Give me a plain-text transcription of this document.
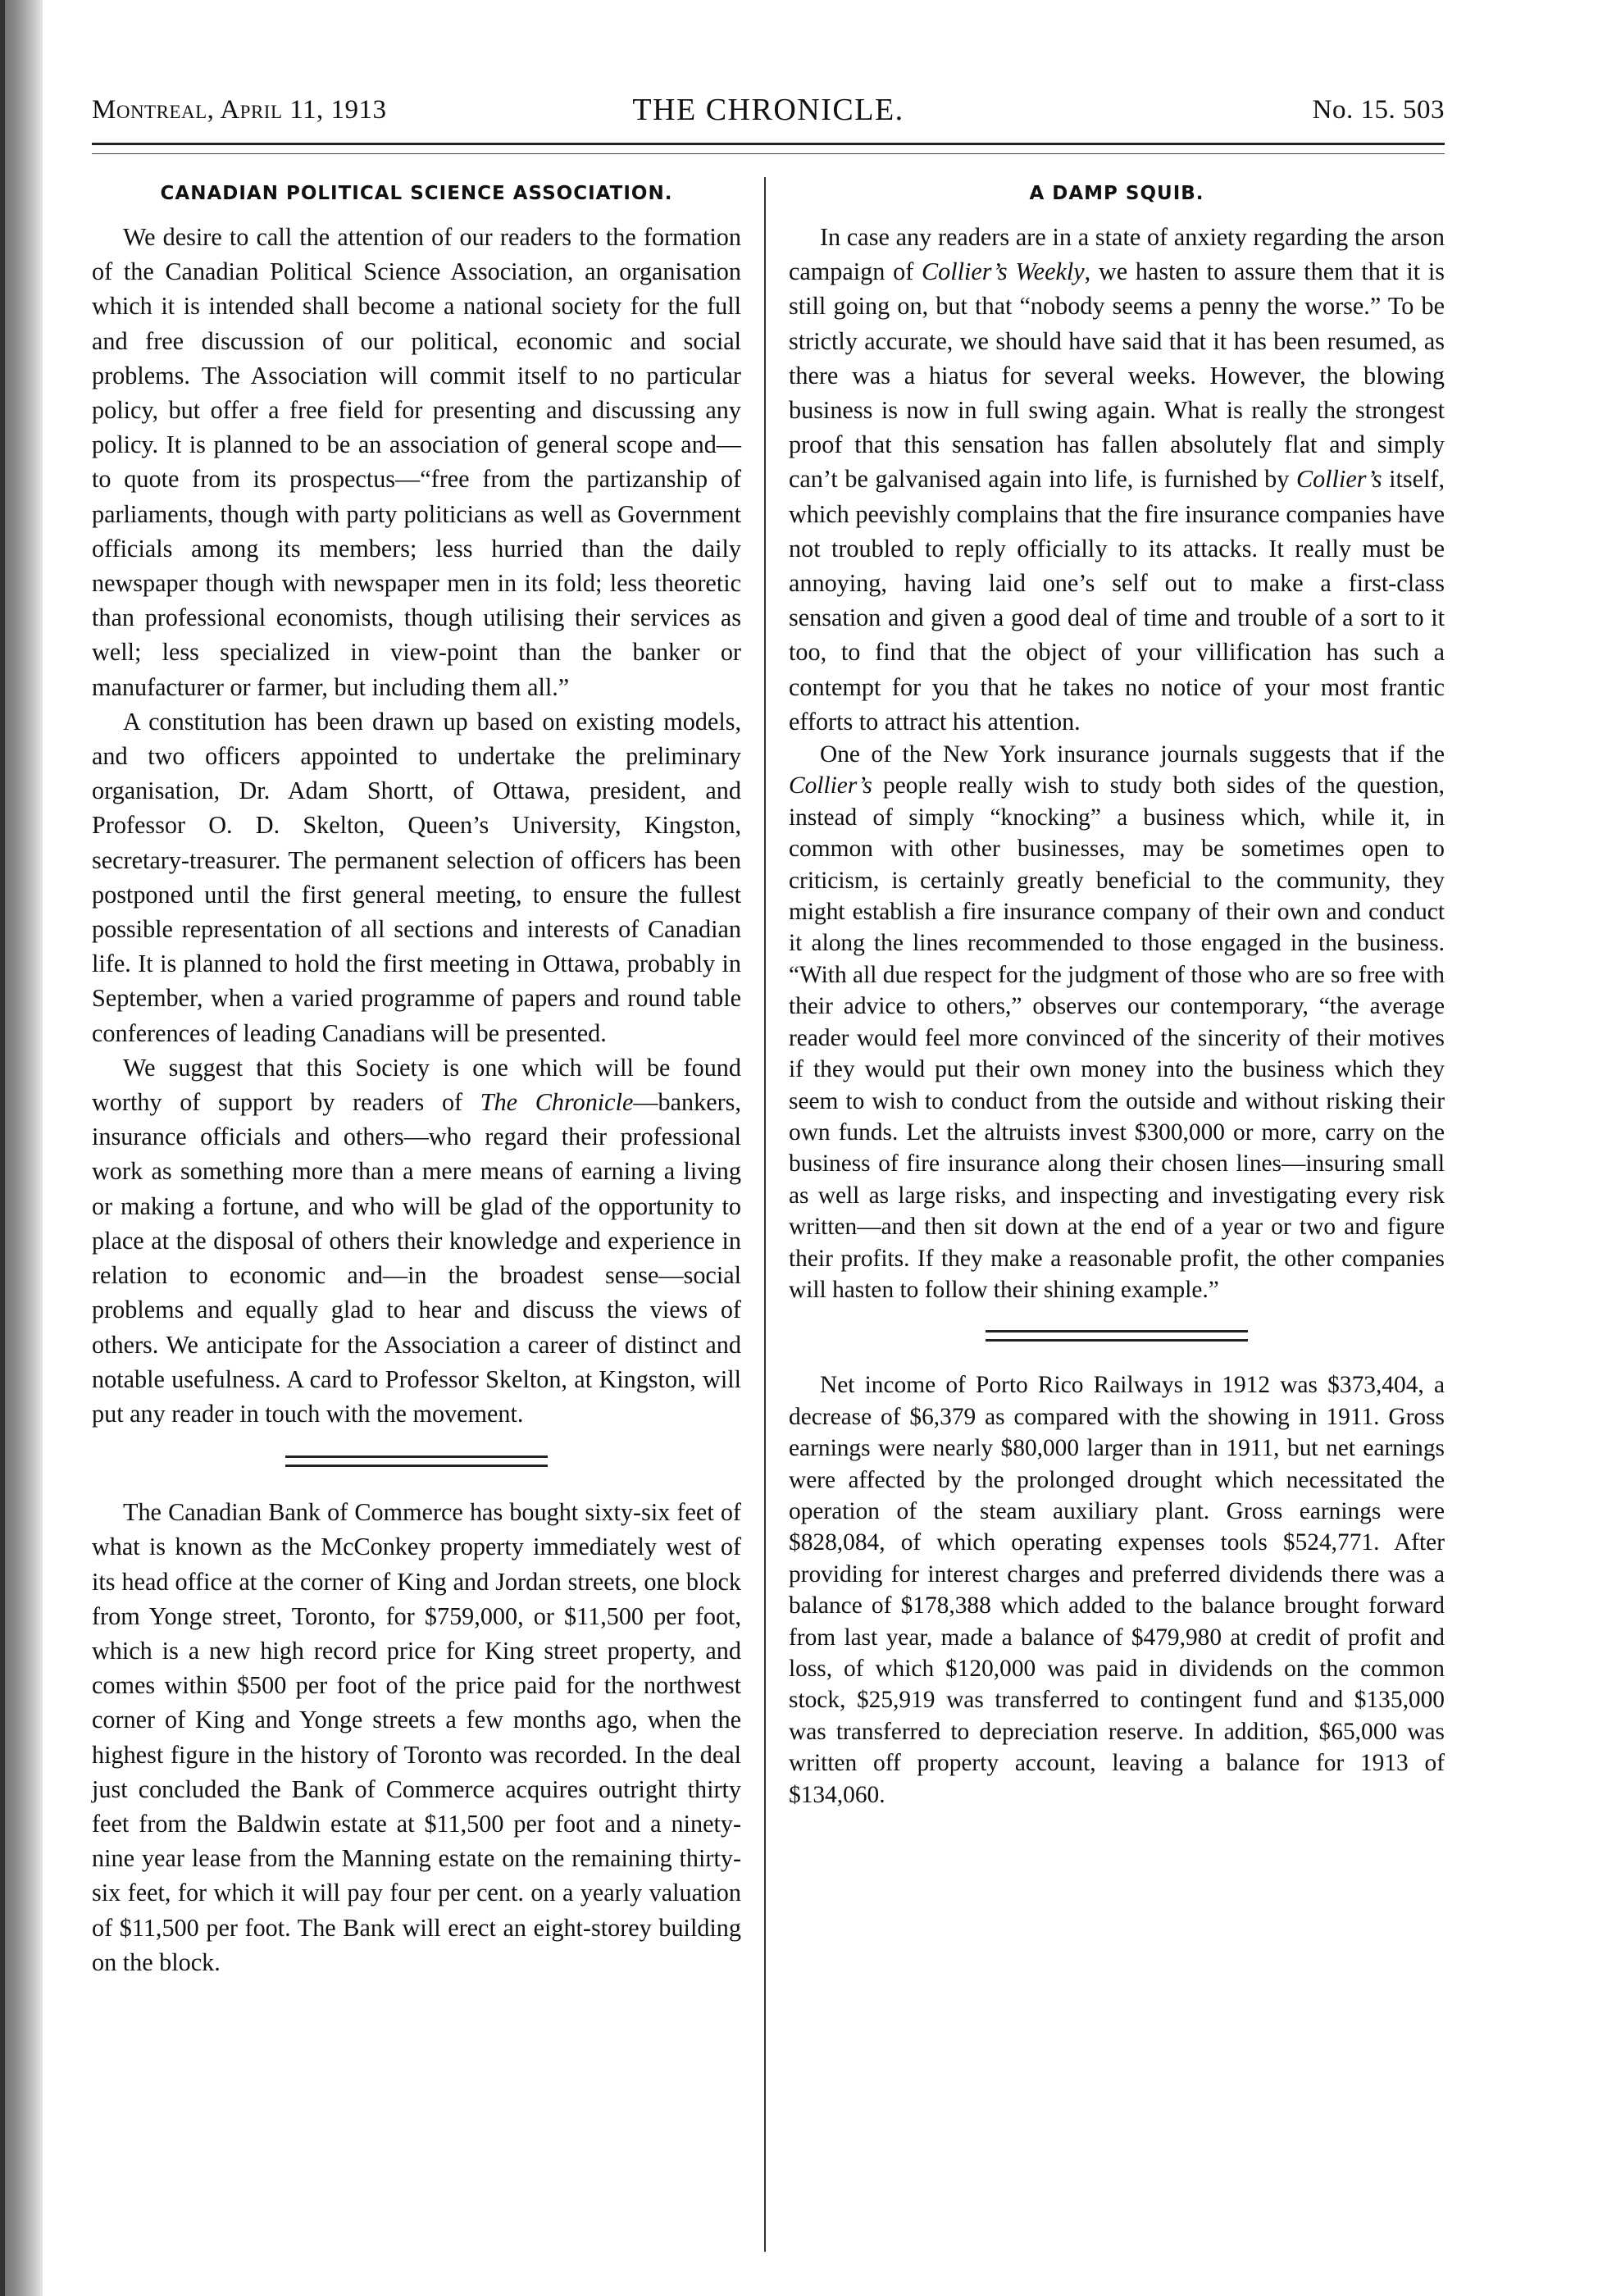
Montreal, April 11, 1913	THE CHRONICLE.	No. 15. 503
CANADIAN POLITICAL SCIENCE ASSOCIATION.

We desire to call the attention of our readers to the formation of the Canadian Political Science Association, an organisation which it is intended shall become a national society for the full and free discussion of our political, economic and social problems. The Association will commit itself to no particular policy, but offer a free field for presenting and discussing any policy. It is planned to be an association of general scope and—to quote from its prospectus—“free from the partizanship of parliaments, though with party politicians as well as Government officials among its members; less hurried than the daily newspaper though with newspaper men in its fold; less theoretic than professional economists, though utilising their services as well; less specialized in view-point than the banker or manufacturer or farmer, but including them all.”

A constitution has been drawn up based on existing models, and two officers appointed to undertake the preliminary organisation, Dr. Adam Shortt, of Ottawa, president, and Professor O. D. Skelton, Queen’s University, Kingston, secretary-treasurer. The permanent selection of officers has been postponed until the first general meeting, to ensure the fullest possible representation of all sections and interests of Canadian life. It is planned to hold the first meeting in Ottawa, probably in September, when a varied programme of papers and round table conferences of leading Canadians will be presented.

We suggest that this Society is one which will be found worthy of support by readers of The Chronicle—bankers, insurance officials and others—who regard their professional work as something more than a mere means of earning a living or making a fortune, and who will be glad of the opportunity to place at the disposal of others their knowledge and experience in relation to economic and—in the broadest sense—social problems and equally glad to hear and discuss the views of others. We anticipate for the Association a career of distinct and notable usefulness. A card to Professor Skelton, at Kingston, will put any reader in touch with the movement.

The Canadian Bank of Commerce has bought sixty-six feet of what is known as the McConkey property immediately west of its head office at the corner of King and Jordan streets, one block from Yonge street, Toronto, for $759,000, or $11,500 per foot, which is a new high record price for King street property, and comes within $500 per foot of the price paid for the northwest corner of King and Yonge streets a few months ago, when the highest figure in the history of Toronto was recorded. In the deal just concluded the Bank of Commerce acquires outright thirty feet from the Baldwin estate at $11,500 per foot and a ninety-nine year lease from the Manning estate on the remaining thirty-six feet, for which it will pay four per cent. on a yearly valuation of $11,500 per foot. The Bank will erect an eight-storey building on the block.

A DAMP SQUIB.

In case any readers are in a state of anxiety regarding the arson campaign of Collier’s Weekly, we hasten to assure them that it is still going on, but that “nobody seems a penny the worse.” To be strictly accurate, we should have said that it has been resumed, as there was a hiatus for several weeks. However, the blowing business is now in full swing again. What is really the strongest proof that this sensation has fallen absolutely flat and simply can’t be galvanised again into life, is furnished by Collier’s itself, which peevishly complains that the fire insurance companies have not troubled to reply officially to its attacks. It really must be annoying, having laid one’s self out to make a first-class sensation and given a good deal of time and trouble of a sort to it too, to find that the object of your villification has such a contempt for you that he takes no notice of your most frantic efforts to attract his attention.

One of the New York insurance journals suggests that if the Collier’s people really wish to study both sides of the question, instead of simply “knocking” a business which, while it, in common with other businesses, may be sometimes open to criticism, is certainly greatly beneficial to the community, they might establish a fire insurance company of their own and conduct it along the lines recommended to those engaged in the business. “With all due respect for the judgment of those who are so free with their advice to others,” observes our contemporary, “the average reader would feel more convinced of the sincerity of their motives if they would put their own money into the business which they seem to wish to conduct from the outside and without risking their own funds. Let the altruists invest $300,000 or more, carry on the business of fire insurance along their chosen lines—insuring small as well as large risks, and inspecting and investigating every risk written—and then sit down at the end of a year or two and figure their profits. If they make a reasonable profit, the other companies will hasten to follow their shining example.”

Net income of Porto Rico Railways in 1912 was $373,404, a decrease of $6,379 as compared with the showing in 1911. Gross earnings were nearly $80,000 larger than in 1911, but net earnings were affected by the prolonged drought which necessitated the operation of the steam auxiliary plant. Gross earnings were $828,084, of which operating expenses tools $524,771. After providing for interest charges and preferred dividends there was a balance of $178,388 which added to the balance brought forward from last year, made a balance of $479,980 at credit of profit and loss, of which $120,000 was paid in dividends on the common stock, $25,919 was transferred to contingent fund and $135,000 was transferred to depreciation reserve. In addition, $65,000 was written off property account, leaving a balance for 1913 of $134,060.
